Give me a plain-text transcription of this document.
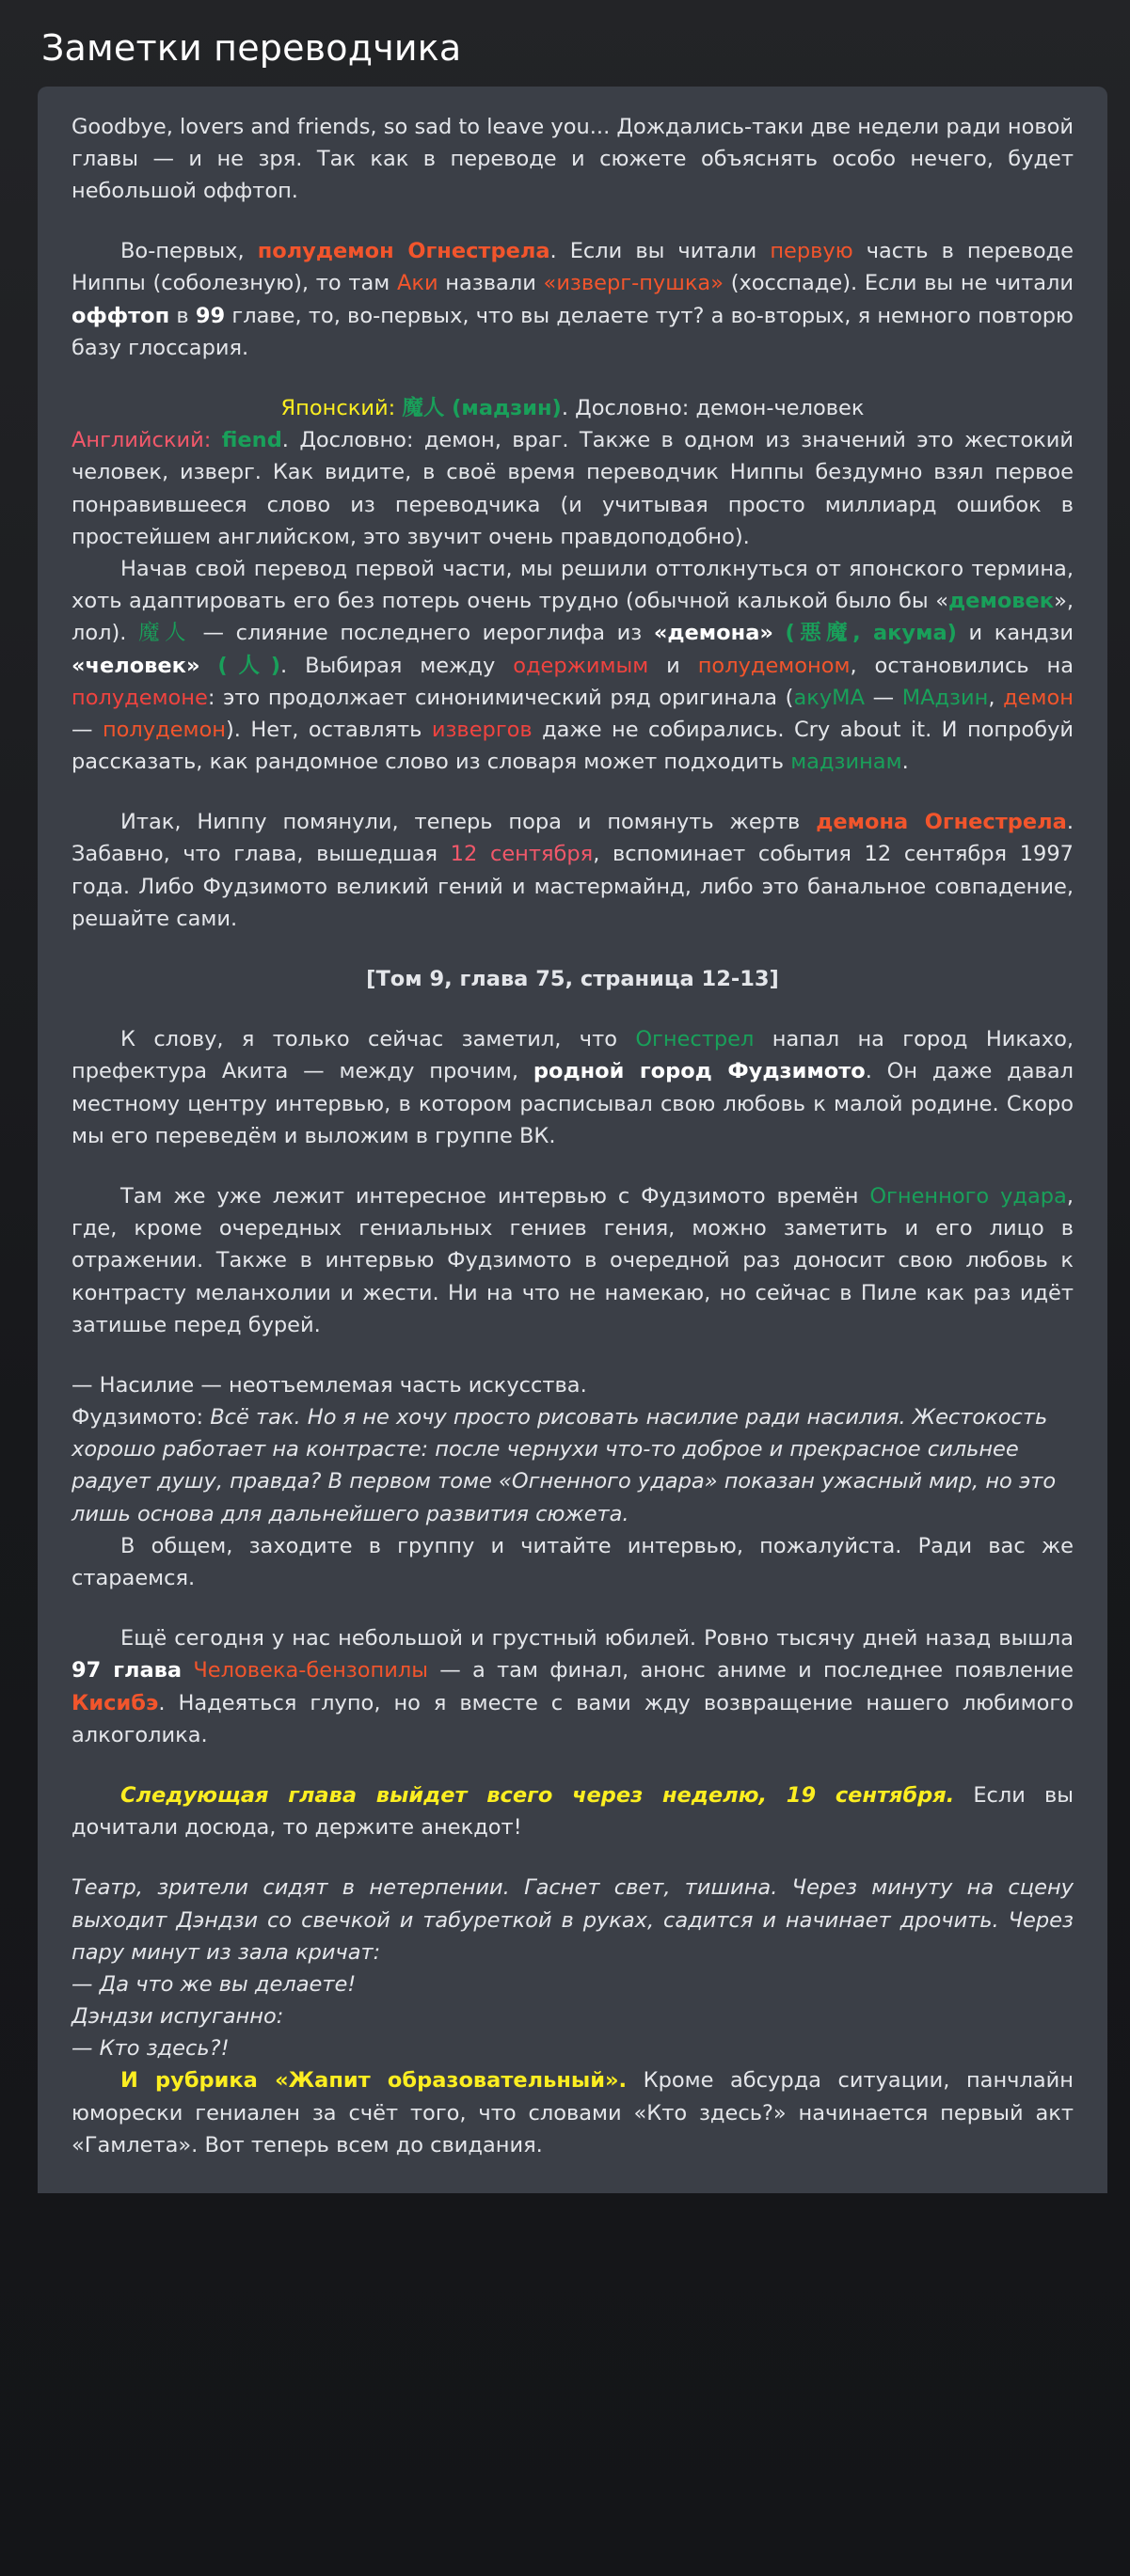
Заметки переводчика

Goodbye, lovers and friends, so sad to leave you... Дождались-таки две недели ради новой главы — и не зря. Так как в переводе и сюжете объяснять особо нечего, будет небольшой оффтоп.

Во-первых, полудемон Огнестрела. Если вы читали первую часть в переводе Ниппы (соболезную), то там Аки назвали «изверг-пушка» (хосспаде). Если вы не читали оффтоп в 99 главе, то, во-первых, что вы делаете тут? а во-вторых, я немного повторю базу глоссария.

Японский: 魔人 (мадзин). Дословно: демон-человек

Английский: fiend. Дословно: демон, враг. Также в одном из значений это жестокий человек, изверг. Как видите, в своё время переводчик Ниппы бездумно взял первое понравившееся слово из переводчика (и учитывая просто миллиард ошибок в простейшем английском, это звучит очень правдоподобно).

Начав свой перевод первой части, мы решили оттолкнуться от японского термина, хоть адаптировать его без потерь очень трудно (обычной калькой было бы «демовек», лол). 魔人 — слияние последнего иероглифа из «демона» (悪魔, акума) и кандзи «человек» (人). Выбирая между одержимым и полудемоном, остановились на полудемоне: это продолжает синонимический ряд оригинала (акуМА — МАдзин, демон — полудемон). Нет, оставлять извергов даже не собирались. Cry about it. И попробуй рассказать, как рандомное слово из словаря может подходить мадзинам.

Итак, Ниппу помянули, теперь пора и помянуть жертв демона Огнестрела. Забавно, что глава, вышедшая 12 сентября, вспоминает события 12 сентября 1997 года. Либо Фудзимото великий гений и мастермайнд, либо это банальное совпадение, решайте сами.

[Том 9, глава 75, страница 12-13]

К слову, я только сейчас заметил, что Огнестрел напал на город Никахо, префектура Акита — между прочим, родной город Фудзимото. Он даже давал местному центру интервью, в котором расписывал свою любовь к малой родине. Скоро мы его переведём и выложим в группе ВК.

Там же уже лежит интересное интервью с Фудзимото времён Огненного удара, где, кроме очередных гениальных гениев гения, можно заметить и его лицо в отражении. Также в интервью Фудзимото в очередной раз доносит свою любовь к контрасту меланхолии и жести. Ни на что не намекаю, но сейчас в Пиле как раз идёт затишье перед бурей.

— Насилие — неотъемлемая часть искусства.

Фудзимото: Всё так. Но я не хочу просто рисовать насилие ради насилия. Жестокость хорошо работает на контрасте: после чернухи что-то доброе и прекрасное сильнее радует душу, правда? В первом томе «Огненного удара» показан ужасный мир, но это лишь основа для дальнейшего развития сюжета.

В общем, заходите в группу и читайте интервью, пожалуйста. Ради вас же стараемся.

Ещё сегодня у нас небольшой и грустный юбилей. Ровно тысячу дней назад вышла 97 глава Человека-бензопилы — а там финал, анонс аниме и последнее появление Кисибэ. Надеяться глупо, но я вместе с вами жду возвращение нашего любимого алкоголика.

Следующая глава выйдет всего через неделю, 19 сентября. Если вы дочитали досюда, то держите анекдот!

Театр, зрители сидят в нетерпении. Гаснет свет, тишина. Через минуту на сцену выходит Дэндзи со свечкой и табуреткой в руках, садится и начинает дрочить. Через пару минут из зала кричат:

— Да что же вы делаете!

Дэндзи испуганно:

— Кто здесь?!

И рубрика «Жапит образовательный». Кроме абсурда ситуации, панчлайн юморески гениален за счёт того, что словами «Кто здесь?» начинается первый акт «Гамлета». Вот теперь всем до свидания.
